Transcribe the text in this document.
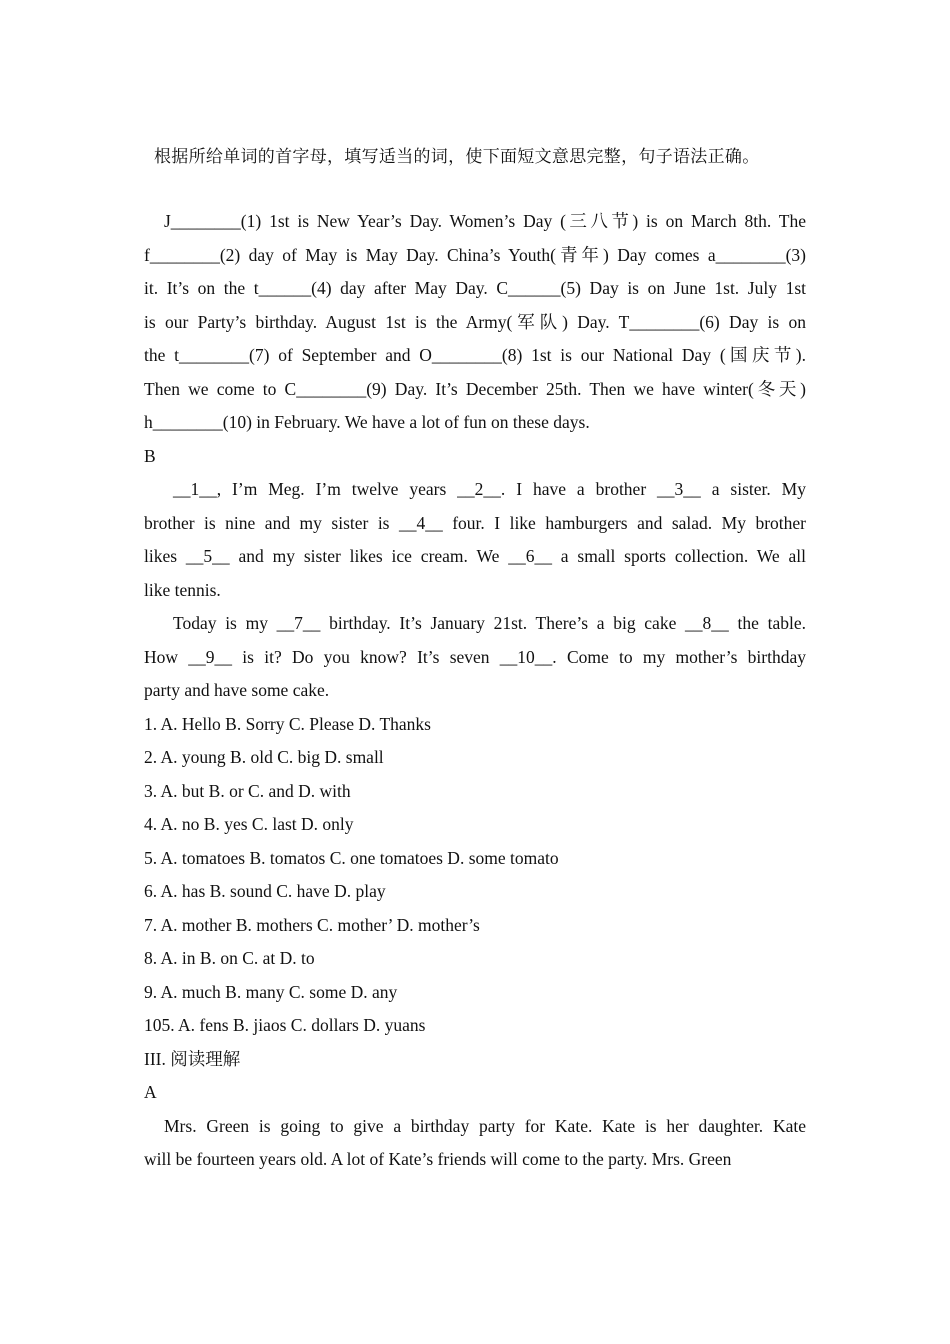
根据所给单词的首字母，填写适当的词，使下面短文意思完整，句子语法正确。
J________(1) 1st is New Year’s Day. Women’s Day (三八节) is on March 8th. The
f________(2) day of May is May Day. China’s Youth(青年) Day comes a________(3)
it. It’s on the t______(4) day after May Day. C______(5) Day is on June 1st. July 1st
is our Party’s birthday. August 1st is the Army(军队) Day. T________(6) Day is on
the t________(7) of September and O________(8) 1st is our National Day (国庆节).
Then we come to C________(9) Day. It’s December 25th. Then we have winter(冬天)
h________(10) in February. We have a lot of fun on these days.
B
__1__, I’m Meg. I’m twelve years __2__. I have a brother __3__ a sister. My
brother is nine and my sister is __4__ four. I like hamburgers and salad. My brother
likes __5__ and my sister likes ice cream. We __6__ a small sports collection. We all
like tennis.
Today is my __7__ birthday. It’s January 21st. There’s a big cake __8__ the table.
How __9__ is it? Do you know? It’s seven __10__. Come to my mother’s birthday
party and have some cake.
1. A. Hello B. Sorry C. Please D. Thanks
2. A. young B. old C. big D. small
3. A. but B. or C. and D. with
4. A. no B. yes C. last D. only
5. A. tomatoes B. tomatos C. one tomatoes D. some tomato
6. A. has B. sound C. have D. play
7. A. mother B. mothers C. mother’ D. mother’s
8. A. in B. on C. at D. to
9. A. much B. many C. some D. any
105. A. fens B. jiaos C. dollars D. yuans
III. 阅读理解
A
Mrs. Green is going to give a birthday party for Kate. Kate is her daughter. Kate
will be fourteen years old. A lot of Kate’s friends will come to the party. Mrs. Green
